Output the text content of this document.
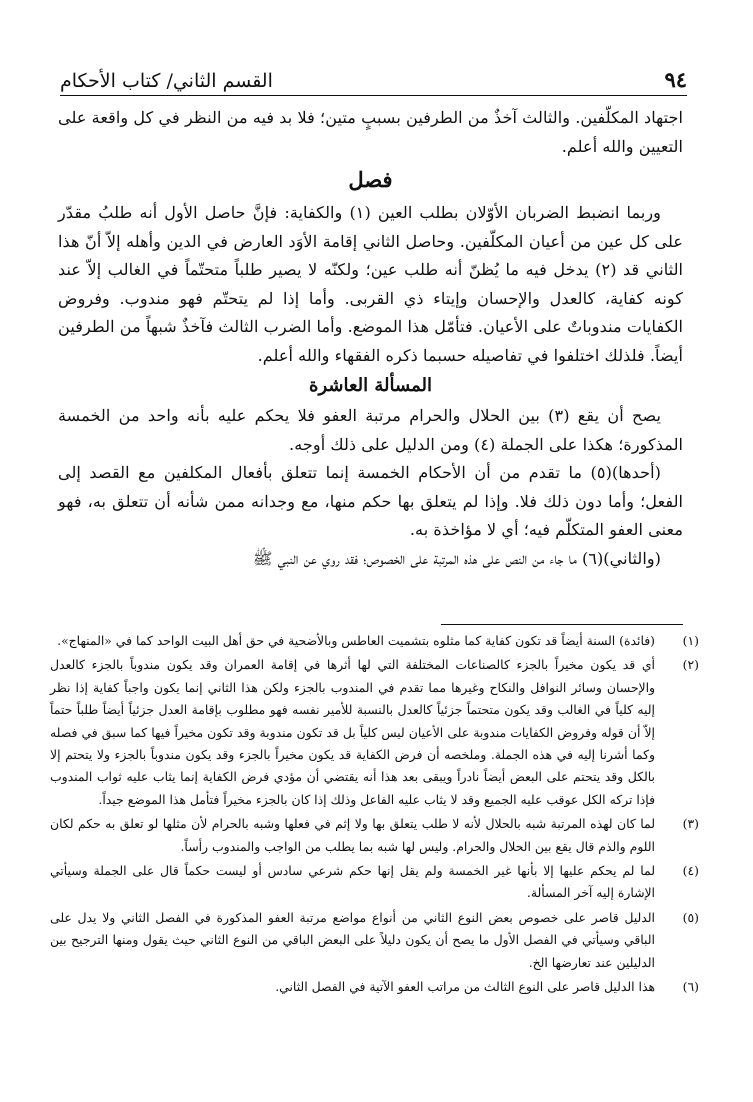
٩٤
القسم الثاني/ كتاب الأحكام

اجتهاد المكلّفين. والثالث آخذٌ من الطرفين بسببٍ متين؛ فلا بد فيه من النظر في كل واقعة على التعيين والله أعلم.

فصل

وربما انضبط الضربان الأوّلان بطلب العين (١) والكفاية: فإنَّ حاصل الأول أنه طلبُ مقدّر على كل عين من أعيان المكلّفين. وحاصل الثاني إقامة الأوَد العارض في الدين وأهله إلاّ أنّ هذا الثاني قد (٢) يدخل فيه ما يُظنّ أنه طلب عين؛ ولكنّه لا يصير طلباً متحتّماً في الغالب إلاّ عند كونه كفاية، كالعدل والإحسان وإيتاء ذي القربى. وأما إذا لم يتحتّم فهو مندوب. وفروض الكفايات مندوباتٌ على الأعيان. فتأمّل هذا الموضع. وأما الضرب الثالث فآخذٌ شبهاً من الطرفين أيضاً. فلذلك اختلفوا في تفاصيله حسبما ذكره الفقهاء والله أعلم.

المسألة العاشرة

يصح أن يقع (٣) بين الحلال والحرام مرتبة العفو فلا يحكم عليه بأنه واحد من الخمسة المذكورة؛ هكذا على الجملة (٤) ومن الدليل على ذلك أوجه.

(أحدها)(٥) ما تقدم من أن الأحكام الخمسة إنما تتعلق بأفعال المكلفين مع القصد إلى الفعل؛ وأما دون ذلك فلا. وإذا لم يتعلق بها حكم منها، مع وجدانه ممن شأنه أن تتعلق به، فهو معنى العفو المتكلّم فيه؛ أي لا مؤاخذة به.

(والثاني)(٦) ما جاء من النص على هذه المرتبة على الخصوص؛ فقد روي عن النبي ﷺ

(١)
(فائدة) السنة أيضاً قد تكون كفاية كما مثلوه بتشميت العاطس وبالأضحية في حق أهل البيت الواحد كما في «المنهاج».
(٢)
أي قد يكون مخيراً بالجزء كالصناعات المختلفة التي لها أثرها في إقامة العمران وقد يكون مندوباً بالجزء كالعدل والإحسان وسائر النوافل والنكاح وغيرها مما تقدم في المندوب بالجزء ولكن هذا الثاني إنما يكون واجباً كفاية إذا نظر إليه كلياً في الغالب وقد يكون متحتماً جزئياً كالعدل بالنسبة للأمير نفسه فهو مطلوب بإقامة العدل جزئياً أيضاً طلباً حتماً إلاّ أن قوله وفروض الكفايات مندوبة على الأعيان ليس كلياً بل قد تكون مندوبة وقد تكون مخيراً فيها كما سبق في فصله وكما أشرنا إليه في هذه الجملة. وملخصه أن فرض الكفاية قد يكون مخيراً بالجزء وقد يكون مندوباً بالجزء ولا يتحتم إلا بالكل وقد يتحتم على البعض أيضاً نادراً ويبقى بعد هذا أنه يقتضي أن مؤدي فرض الكفاية إنما يثاب عليه ثواب المندوب فإذا تركه الكل عوقب عليه الجميع وقد لا يثاب عليه الفاعل وذلك إذا كان بالجزء مخيراً فتأمل هذا الموضع جيداً.
(٣)
لما كان لهذه المرتبة شبه بالحلال لأنه لا طلب يتعلق بها ولا إثم في فعلها وشبه بالحرام لأن مثلها لو تعلق به حكم لكان اللوم والذم قال يقع بين الحلال والحرام. وليس لها شبه بما يطلب من الواجب والمندوب رأساً.
(٤)
لما لم يحكم عليها إلا بأنها غير الخمسة ولم يقل إنها حكم شرعي سادس أو ليست حكماً قال على الجملة وسيأتي الإشارة إليه آخر المسألة.
(٥)
الدليل قاصر على خصوص بعض النوع الثاني من أنواع مواضع مرتبة العفو المذكورة في الفصل الثاني ولا يدل على الباقي وسيأتي في الفصل الأول ما يصح أن يكون دليلاً على البعض الباقي من النوع الثاني حيث يقول ومنها الترجيح بين الدليلين عند تعارضها الخ.
(٦)
هذا الدليل قاصر على النوع الثالث من مراتب العفو الآتية في الفصل الثاني.
